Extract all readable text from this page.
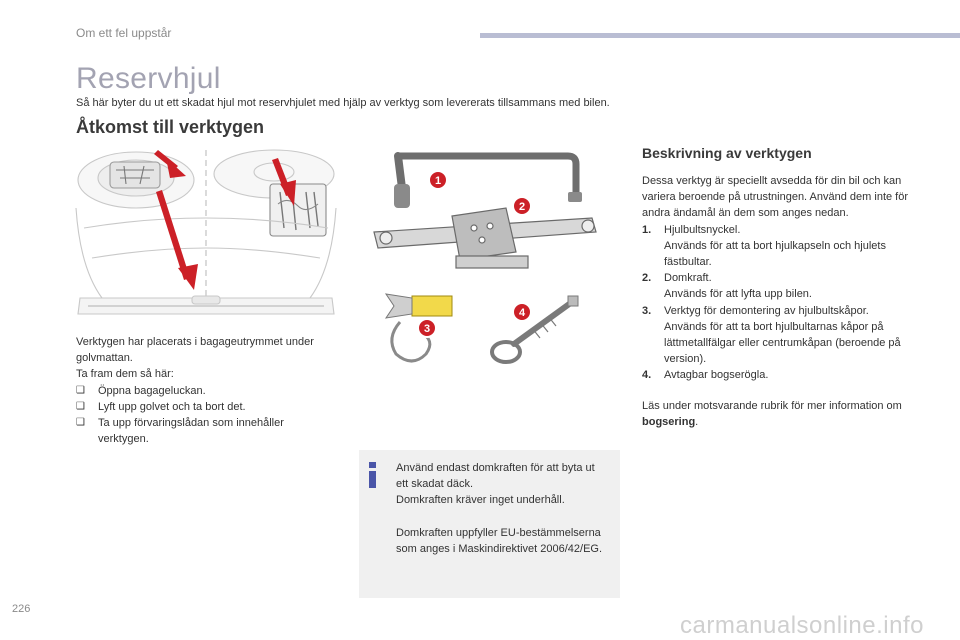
Om ett fel uppstår
Reservhjul
Så här byter du ut ett skadat hjul mot reservhjulet med hjälp av verktyg som levererats tillsammans med bilen.
Åtkomst till verktygen
1
2
3
4
Verktygen har placerats i bagageutrymmet under golvmattan.
Ta fram dem så här:
❑	Öppna bagageluckan.
❑	Lyft upp golvet och ta bort det.
❑	Ta upp förvaringslådan som innehåller verktygen.

Använd endast domkraften för att byta ut ett skadat däck.
Domkraften kräver inget underhåll.

Domkraften uppfyller EU-bestämmelserna som anges i Maskindirektivet 2006/42/EG.

Beskrivning av verktygen
Dessa verktyg är speciellt avsedda för din bil och kan variera beroende på utrustningen. Använd dem inte för andra ändamål än dem som anges nedan.
1.	Hjulbultsnyckel.
Används för att ta bort hjulkapseln och hjulets fästbultar.
2.	Domkraft.
Används för att lyfta upp bilen.
3.	Verktyg för demontering av hjulbultskåpor.
Används för att ta bort hjulbultarnas kåpor på lättmetallfälgar eller centrumkåpan (beroende på version).
4.	Avtagbar bogserögla.
Läs under motsvarande rubrik för mer information om bogsering.
226
carmanualsonline.info
